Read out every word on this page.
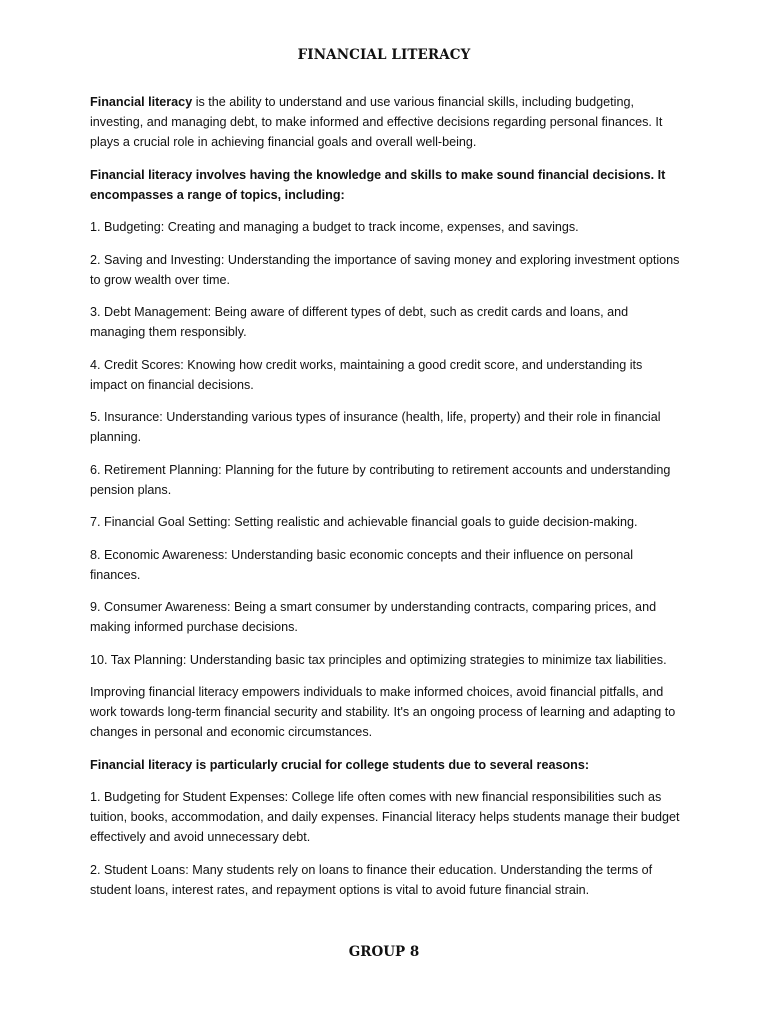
FINANCIAL LITERACY

Financial literacy is the ability to understand and use various financial skills, including budgeting, investing, and managing debt, to make informed and effective decisions regarding personal finances. It plays a crucial role in achieving financial goals and overall well-being.

Financial literacy involves having the knowledge and skills to make sound financial decisions. It encompasses a range of topics, including:

1. Budgeting: Creating and managing a budget to track income, expenses, and savings.

2. Saving and Investing: Understanding the importance of saving money and exploring investment options to grow wealth over time.

3. Debt Management: Being aware of different types of debt, such as credit cards and loans, and managing them responsibly.

4. Credit Scores: Knowing how credit works, maintaining a good credit score, and understanding its impact on financial decisions.

5. Insurance: Understanding various types of insurance (health, life, property) and their role in financial planning.

6. Retirement Planning: Planning for the future by contributing to retirement accounts and understanding pension plans.

7. Financial Goal Setting: Setting realistic and achievable financial goals to guide decision-making.

8. Economic Awareness: Understanding basic economic concepts and their influence on personal finances.

9. Consumer Awareness: Being a smart consumer by understanding contracts, comparing prices, and making informed purchase decisions.

10. Tax Planning: Understanding basic tax principles and optimizing strategies to minimize tax liabilities.

Improving financial literacy empowers individuals to make informed choices, avoid financial pitfalls, and work towards long-term financial security and stability. It's an ongoing process of learning and adapting to changes in personal and economic circumstances.

Financial literacy is particularly crucial for college students due to several reasons:

1. Budgeting for Student Expenses: College life often comes with new financial responsibilities such as tuition, books, accommodation, and daily expenses. Financial literacy helps students manage their budget effectively and avoid unnecessary debt.

2. Student Loans: Many students rely on loans to finance their education. Understanding the terms of student loans, interest rates, and repayment options is vital to avoid future financial strain.

GROUP 8
